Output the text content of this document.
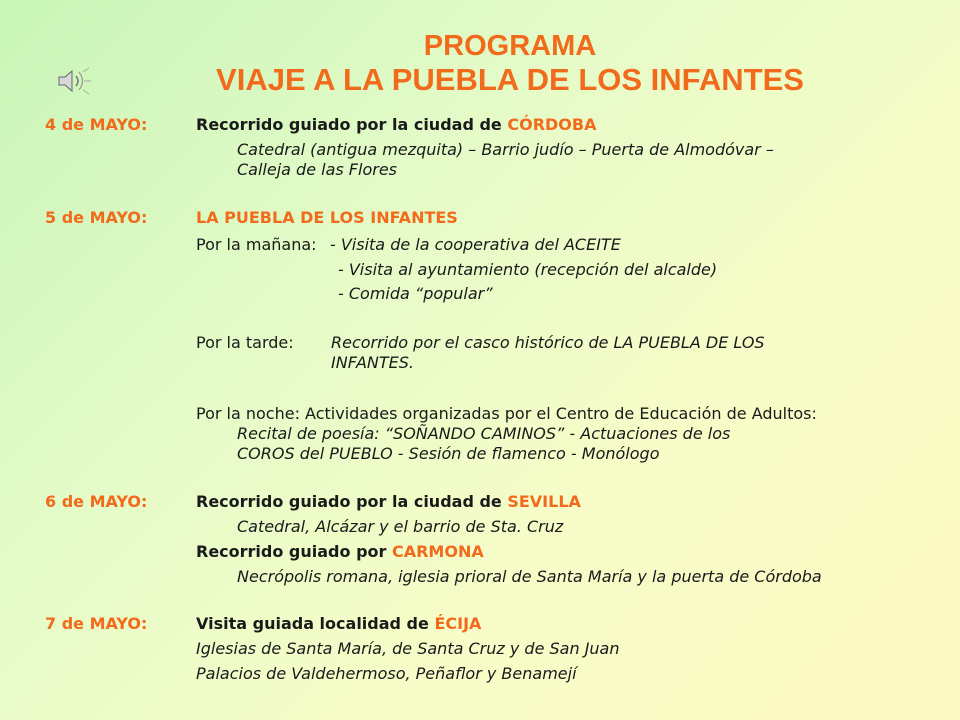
PROGRAMA
VIAJE A LA PUEBLA DE LOS INFANTES
4 de MAYO:	Recorrido guiado por la ciudad de CÓRDOBA
Catedral (antigua mezquita) – Barrio judío – Puerta de Almodóvar –
Calleja de las Flores
5 de MAYO:	LA PUEBLA DE LOS INFANTES
Por la mañana: - Visita de la cooperativa del ACEITE
- Visita al ayuntamiento (recepción del alcalde)
- Comida “popular”
Por la tarde: Recorrido por el casco histórico de LA PUEBLA DE LOS
INFANTES.
Por la noche: Actividades organizadas por el Centro de Educación de Adultos:
Recital de poesía: “SOÑANDO CAMINOS” - Actuaciones de los
COROS del PUEBLO - Sesión de flamenco - Monólogo
6 de MAYO:	Recorrido guiado por la ciudad de SEVILLA
Catedral, Alcázar y el barrio de Sta. Cruz
Recorrido guiado por CARMONA
Necrópolis romana, iglesia prioral de Santa María y la puerta de Córdoba
7 de MAYO:	Visita guiada localidad de ÉCIJA
Iglesias de Santa María, de Santa Cruz y de San Juan
Palacios de Valdehermoso, Peñaflor y Benamejí
